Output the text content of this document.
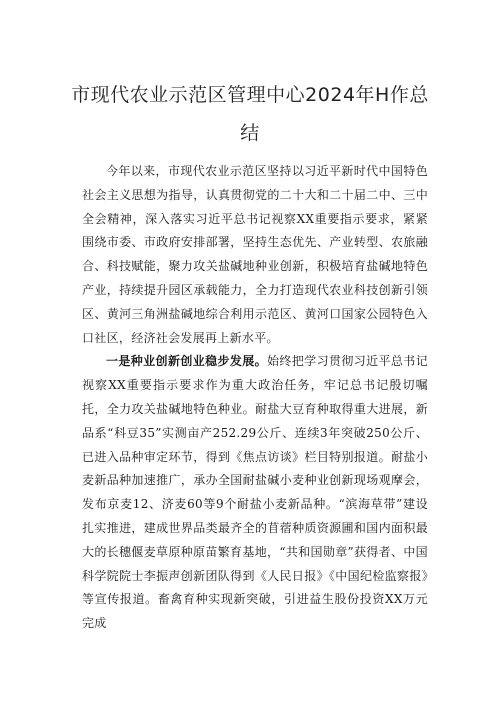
市现代农业示范区管理中心2024年H作总
结

今年以来，市现代农业示范区坚持以习近平新时代中国特色社会主义思想为指导，认真贯彻党的二十大和二十届二中、三中全会精神，深入落实习近平总书记视察XX重要指示要求，紧紧围绕市委、市政府安排部署，坚持生态优先、产业转型、农旅融合、科技赋能，聚力攻关盐碱地种业创新，积极培育盐碱地特色产业，持续提升园区承载能力，全力打造现代农业科技创新引领区、黄河三角洲盐碱地综合利用示范区、黄河口国家公园特色入口社区，经济社会发展再上新水平。

一是种业创新创业稳步发展。始终把学习贯彻习近平总书记视察XX重要指示要求作为重大政治任务，牢记总书记殷切嘱托，全力攻关盐碱地特色种业。耐盐大豆育种取得重大进展，新品系“科豆35”实测亩产252.29公斤、连续3年突破250公斤、已进入品种审定环节，得到《焦点访谈》栏目特别报道。耐盐小麦新品种加速推广，承办全国耐盐碱小麦种业创新现场观摩会，发布京麦12、济麦60等9个耐盐小麦新品种。“滨海草带”建设扎实推进，建成世界品类最齐全的苜蓿种质资源圃和国内面积最大的长穗偃麦草原种原苗繁育基地，“共和国勋章”获得者、中国科学院院士李振声创新团队得到《人民日报》《中国纪检监察报》等宣传报道。畜禽育种实现新突破，引进益生股份投资XX万元完成
